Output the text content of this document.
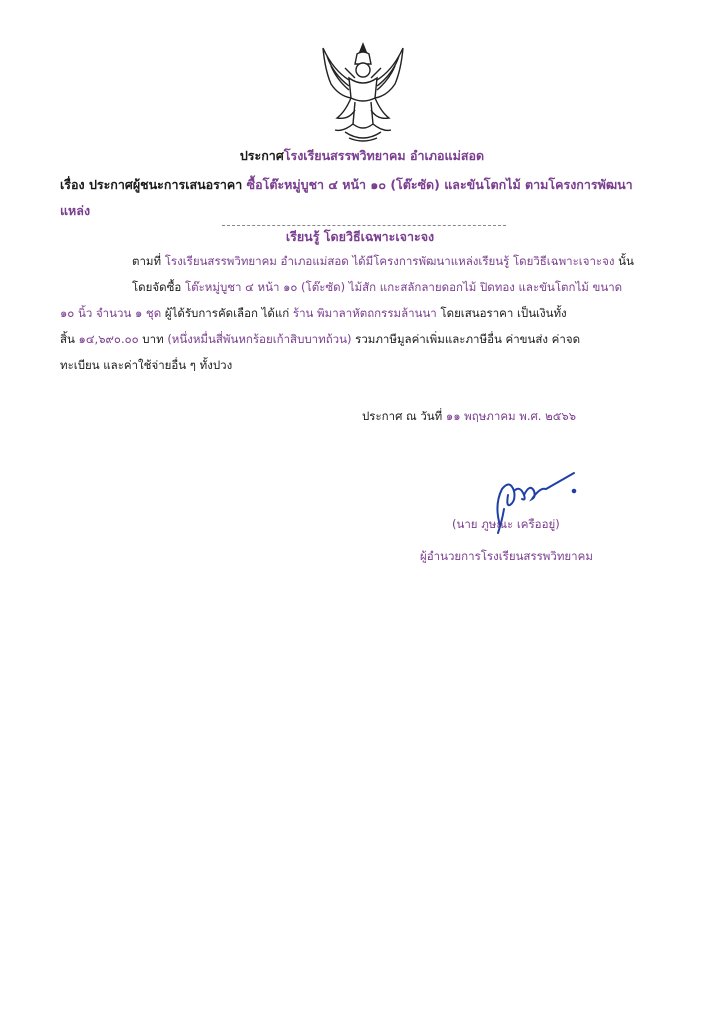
ประกาศโรงเรียนสรรพวิทยาคม อำเภอแม่สอด
เรื่อง ประกาศผู้ชนะการเสนอราคา ซื้อโต๊ะหมู่บูชา ๔ หน้า ๑๐ (โต๊ะซัด) และขันโตกไม้ ตามโครงการพัฒนาแหล่ง
เรียนรู้ โดยวิธีเฉพาะเจาะจง
ตามที่ โรงเรียนสรรพวิทยาคม อำเภอแม่สอด ได้มีโครงการพัฒนาแหล่งเรียนรู้ โดยวิธีเฉพาะเจาะจง นั้น
โดยจัดซื้อ โต๊ะหมู่บูชา ๔ หน้า ๑๐ (โต๊ะซัด) ไม้สัก แกะสลักลายดอกไม้ ปิดทอง และขันโตกไม้ ขนาด
๑๐ นิ้ว จำนวน ๑ ชุด ผู้ได้รับการคัดเลือก ได้แก่ ร้าน พิมาลาหัตถกรรมล้านนา โดยเสนอราคา เป็นเงินทั้ง
สิ้น ๑๔,๖๙๐.๐๐ บาท (หนึ่งหมื่นสี่พันหกร้อยเก้าสิบบาทถ้วน) รวมภาษีมูลค่าเพิ่มและภาษีอื่น ค่าขนส่ง ค่าจด
ทะเบียน และค่าใช้จ่ายอื่น ๆ ทั้งปวง
ประกาศ ณ วันที่ ๑๑ พฤษภาคม พ.ศ. ๒๕๖๖
(นาย ภูษณะ เครืออยู่)
ผู้อำนวยการโรงเรียนสรรพวิทยาคม
